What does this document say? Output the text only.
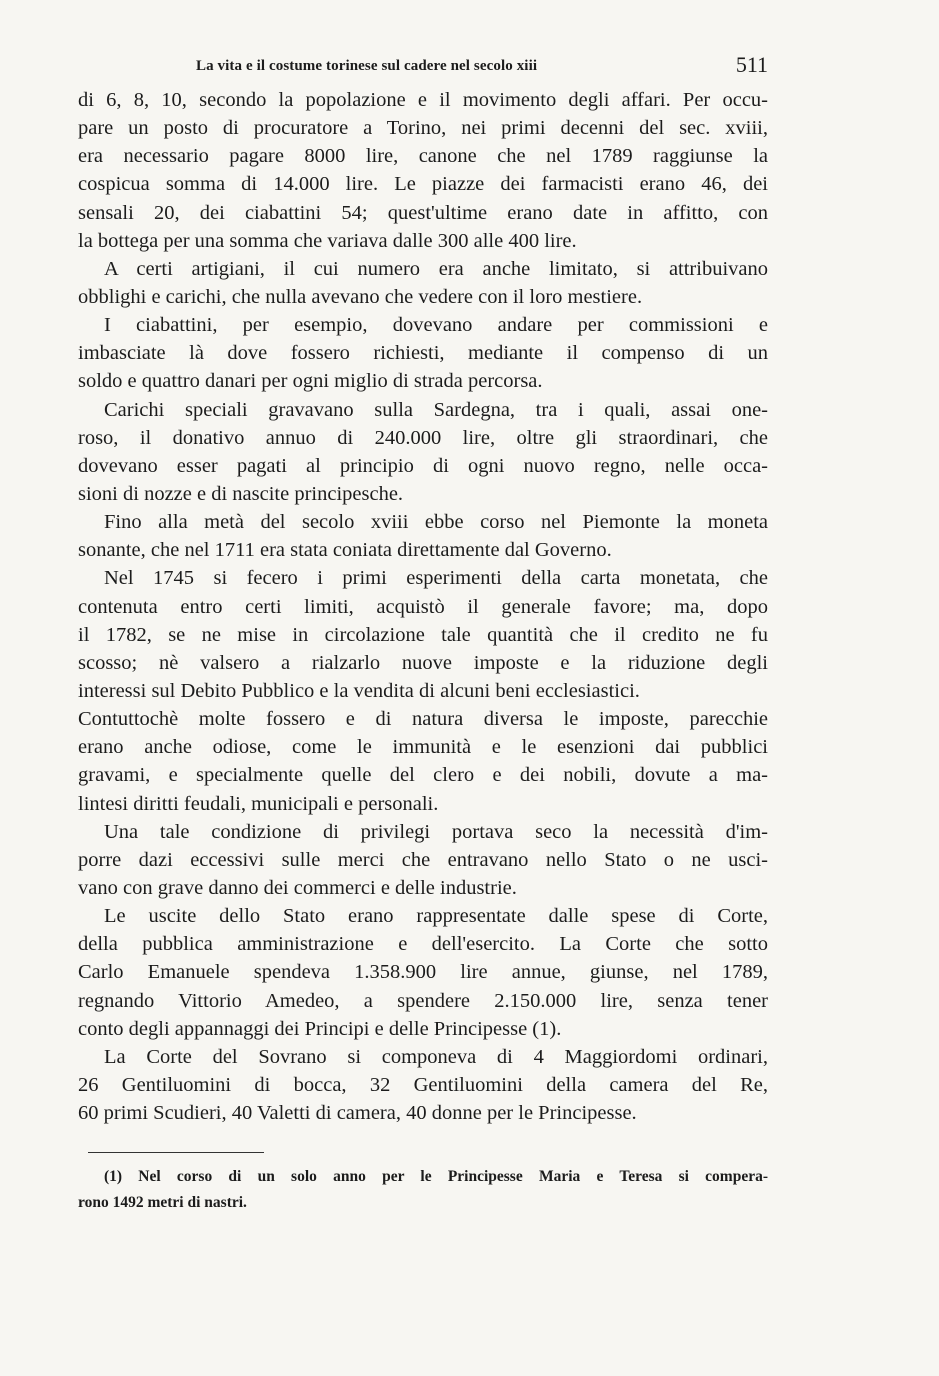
La vita e il costume torinese sul cadere nel secolo xiii	511
di 6, 8, 10, secondo la popolazione e il movimento degli affari. Per occu-
pare un posto di procuratore a Torino, nei primi decenni del sec. xviii,
era necessario pagare 8000 lire, canone che nel 1789 raggiunse la
cospicua somma di 14.000 lire. Le piazze dei farmacisti erano 46, dei
sensali 20, dei ciabattini 54; quest'ultime erano date in affitto, con
la bottega per una somma che variava dalle 300 alle 400 lire.
A certi artigiani, il cui numero era anche limitato, si attribuivano
obblighi e carichi, che nulla avevano che vedere con il loro mestiere.
I ciabattini, per esempio, dovevano andare per commissioni e
imbasciate là dove fossero richiesti, mediante il compenso di un
soldo e quattro danari per ogni miglio di strada percorsa.
Carichi speciali gravavano sulla Sardegna, tra i quali, assai one-
roso, il donativo annuo di 240.000 lire, oltre gli straordinari, che
dovevano esser pagati al principio di ogni nuovo regno, nelle occa-
sioni di nozze e di nascite principesche.
Fino alla metà del secolo xviii ebbe corso nel Piemonte la moneta
sonante, che nel 1711 era stata coniata direttamente dal Governo.
Nel 1745 si fecero i primi esperimenti della carta monetata, che
contenuta entro certi limiti, acquistò il generale favore; ma, dopo
il 1782, se ne mise in circolazione tale quantità che il credito ne fu
scosso; nè valsero a rialzarlo nuove imposte e la riduzione degli
interessi sul Debito Pubblico e la vendita di alcuni beni ecclesiastici.
Contuttochè molte fossero e di natura diversa le imposte, parecchie
erano anche odiose, come le immunità e le esenzioni dai pubblici
gravami, e specialmente quelle del clero e dei nobili, dovute a ma-
lintesi diritti feudali, municipali e personali.
Una tale condizione di privilegi portava seco la necessità d'im-
porre dazi eccessivi sulle merci che entravano nello Stato o ne usci-
vano con grave danno dei commerci e delle industrie.
Le uscite dello Stato erano rappresentate dalle spese di Corte,
della pubblica amministrazione e dell'esercito. La Corte che sotto
Carlo Emanuele spendeva 1.358.900 lire annue, giunse, nel 1789,
regnando Vittorio Amedeo, a spendere 2.150.000 lire, senza tener
conto degli appannaggi dei Principi e delle Principesse (1).
La Corte del Sovrano si componeva di 4 Maggiordomi ordinari,
26 Gentiluomini di bocca, 32 Gentiluomini della camera del Re,
60 primi Scudieri, 40 Valetti di camera, 40 donne per le Principesse.
(1) Nel corso di un solo anno per le Principesse Maria e Teresa si compera-
rono 1492 metri di nastri.
